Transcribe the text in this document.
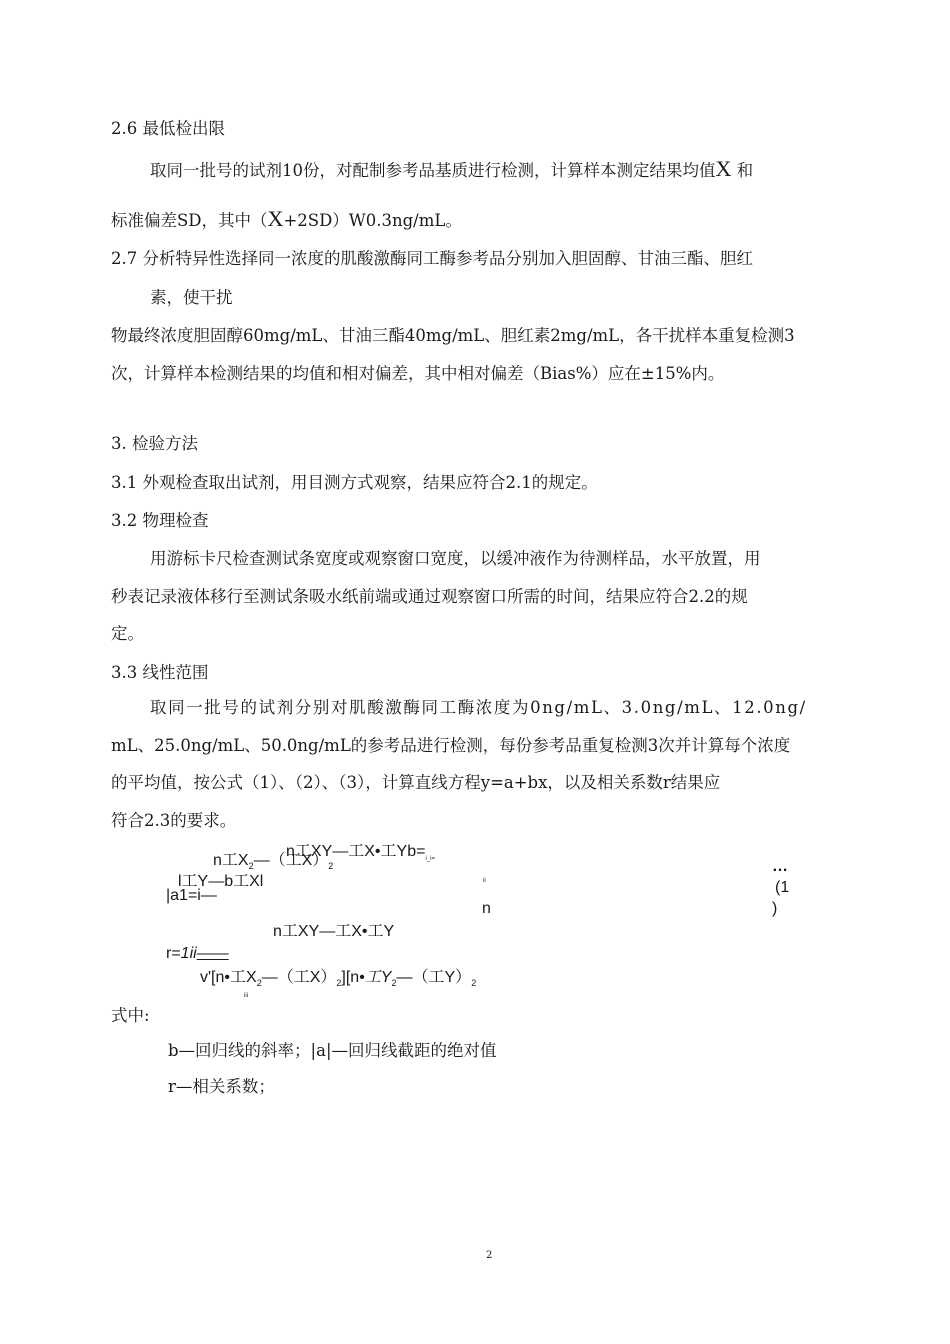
2.6 最低检出限
取同一批号的试剂10份，对配制参考品基质进行检测，计算样本测定结果均值X 和
标准偏差SD，其中（X+2SD）W0.3ng/mL。
2.7 分析特异性选择同一浓度的肌酸激酶同工酶参考品分别加入胆固醇、甘油三酯、胆红
素，使干扰
物最终浓度胆固醇60mg/mL、甘油三酯40mg/mL、胆红素2mg/mL，各干扰样本重复检测3
次，计算样本检测结果的均值和相对偏差，其中相对偏差（Bias%）应在±15%内。
3. 检验方法
3.1 外观检查取出试剂，用目测方式观察，结果应符合2.1的规定。
3.2 物理检查
用游标卡尺检查测试条宽度或观察窗口宽度，以缓冲液作为待测样品，水平放置，用
秒表记录液体移行至测试条吸水纸前端或通过观察窗口所需的时间，结果应符合2.2的规
定。
3.3 线性范围
取同一批号的试剂分别对肌酸激酶同工酶浓度为0ng/mL、3.0ng/mL、12.0ng/
mL、25.0ng/mL、50.0ng/mL的参考品进行检测，每份参考品重复检测3次并计算每个浓度
的平均值，按公式（1）、（2）、（3），计算直线方程y=a+bx，以及相关系数r结果应
符合2.3的要求。
n工$X_2—$（工$X)_2$
n工XY—工X•工$Yb=_{i\_i=}$
l工Y—b工Xl
|a1=i—
ii
n
…
(1
)
n工XY—工X•工Y
r=1ii——
v'[n•工$X_2—$（工$X)_2][n•$工$Y_2—$（工$Y)_2$
iii
式中:
b—回归线的斜率；|a|—回归线截距的绝对值
r—相关系数；
2
